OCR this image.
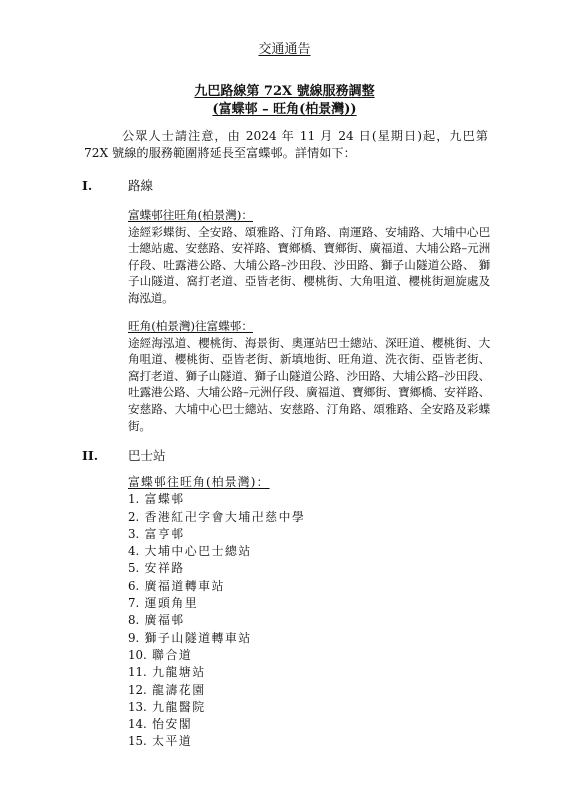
交通通告
九巴路線第 72X 號線服務調整
(富蝶邨 – 旺角(柏景灣))
公眾人士請注意，由 2024 年 11 月 24 日(星期日)起，九巴第 72X 號線的服務範圍將延長至富蝶邨。詳情如下：
I.	路線
富蝶邨往旺角(柏景灣)：
途經彩蝶街、全安路、頌雅路、汀角路、南運路、安埔路、大埔中心巴士總站處、安慈路、安祥路、寶鄉橋、寶鄉街、廣福道、大埔公路–元洲仔段、吐露港公路、大埔公路–沙田段、沙田路、獅子山隧道公路、 獅子山隧道、窩打老道、亞皆老街、櫻桃街、大角咀道、櫻桃街迴旋處及海泓道。
旺角(柏景灣)往富蝶邨：
途經海泓道、櫻桃街、海景街、奧運站巴士總站、深旺道、櫻桃街、大角咀道、櫻桃街、亞皆老街、新填地街、旺角道、洗衣街、亞皆老街、窩打老道、獅子山隧道、獅子山隧道公路、沙田路、大埔公路–沙田段、吐露港公路、大埔公路–元洲仔段、廣福道、寶鄉街、寶鄉橋、安祥路、安慈路、大埔中心巴士總站、安慈路、汀角路、頌雅路、全安路及彩蝶街。
II. 巴士站
富蝶邨往旺角(柏景灣)：
1. 富蝶邨
2. 香港紅卍字會大埔卍慈中學
3. 富亨邨
4. 大埔中心巴士總站
5. 安祥路
6. 廣福道轉車站
7. 運頭角里
8. 廣福邨
9. 獅子山隧道轉車站
10. 聯合道
11. 九龍塘站
12. 龍濤花園
13. 九龍醫院
14. 怡安閣
15. 太平道
